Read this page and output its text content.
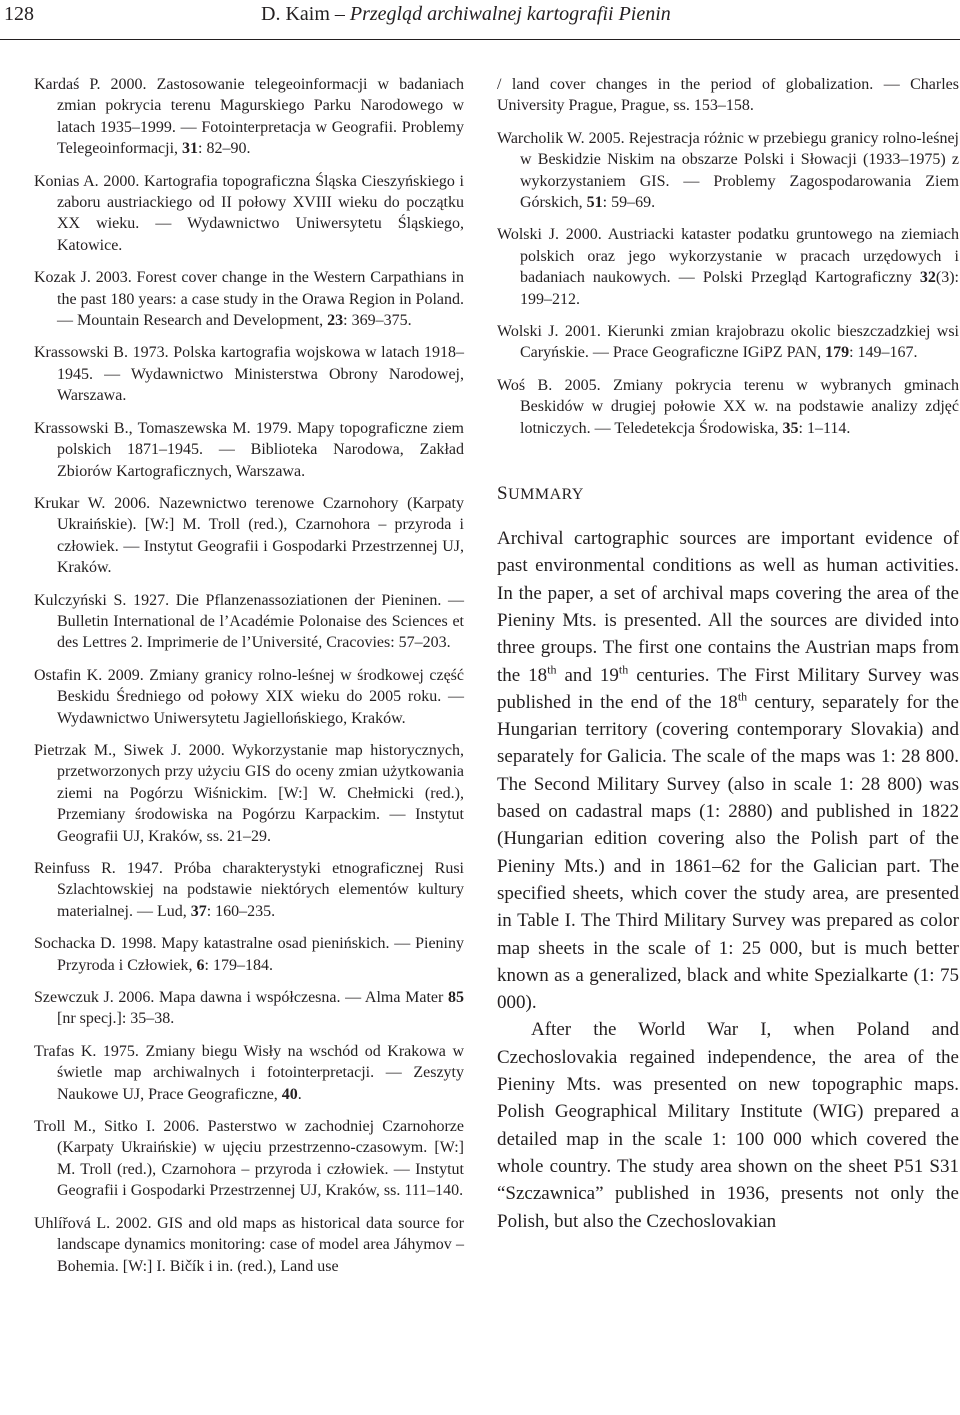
128	D. Kaim – Przegląd archiwalnej kartografii Pienin

Kardaś P. 2000. Zastosowanie telegeoinformacji w badaniach zmian pokrycia terenu Magurskiego Parku Narodowego w latach 1935–1999. — Fotointerpretacja w Geografii. Problemy Telegeoinformacji, 31: 82–90.

Konias A. 2000. Kartografia topograficzna Śląska Cieszyńskiego i zaboru austriackiego od II połowy XVIII wieku do początku XX wieku. — Wydawnictwo Uniwersytetu Śląskiego, Katowice.

Kozak J. 2003. Forest cover change in the Western Carpathians in the past 180 years: a case study in the Orawa Region in Poland. — Mountain Research and Development, 23: 369–375.

Krassowski B. 1973. Polska kartografia wojskowa w latach 1918–1945. — Wydawnictwo Ministerstwa Obrony Narodowej, Warszawa.

Krassowski B., Tomaszewska M. 1979. Mapy topograficzne ziem polskich 1871–1945. — Biblioteka Narodowa, Zakład Zbiorów Kartograficznych, Warszawa.

Krukar W. 2006. Nazewnictwo terenowe Czarnohory (Karpaty Ukraińskie). [W:] M. Troll (red.), Czarnohora – przyroda i człowiek. — Instytut Geografii i Gospodarki Przestrzennej UJ, Kraków.

Kulczyński S. 1927. Die Pflanzenassoziationen der Pieninen. — Bulletin International de l’Académie Polonaise des Sciences et des Lettres 2. Imprimerie de l’Université, Cracovies: 57–203.

Ostafin K. 2009. Zmiany granicy rolno-leśnej w środkowej część Beskidu Średniego od połowy XIX wieku do 2005 roku. — Wydawnictwo Uniwersytetu Jagiellońskiego, Kraków.

Pietrzak M., Siwek J. 2000. Wykorzystanie map historycznych, przetworzonych przy użyciu GIS do oceny zmian użytkowania ziemi na Pogórzu Wiśnickim. [W:] W. Chełmicki (red.), Przemiany środowiska na Pogórzu Karpackim. — Instytut Geografii UJ, Kraków, ss. 21–29.

Reinfuss R. 1947. Próba charakterystyki etnograficznej Rusi Szlachtowskiej na podstawie niektórych elementów kultury materialnej. — Lud, 37: 160–235.

Sochacka D. 1998. Mapy katastralne osad pienińskich. — Pieniny Przyroda i Człowiek, 6: 179–184.

Szewczuk J. 2006. Mapa dawna i współczesna. — Alma Mater 85 [nr specj.]: 35–38.

Trafas K. 1975. Zmiany biegu Wisły na wschód od Krakowa w świetle map archiwalnych i fotointerpretacji. — Zeszyty Naukowe UJ, Prace Geograficzne, 40.

Troll M., Sitko I. 2006. Pasterstwo w zachodniej Czarnohorze (Karpaty Ukraińskie) w ujęciu przestrzenno-czasowym. [W:] M. Troll (red.), Czarnohora – przyroda i człowiek. — Instytut Geografii i Gospodarki Przestrzennej UJ, Kraków, ss. 111–140.

Uhlířová L. 2002. GIS and old maps as historical data source for landscape dynamics monitoring: case of model area Jáhymov – Bohemia. [W:] I. Bičík i in. (red.), Land use

/ land cover changes in the period of globalization. — Charles University Prague, Prague, ss. 153–158.

Warcholik W. 2005. Rejestracja różnic w przebiegu granicy rolno-leśnej w Beskidzie Niskim na obszarze Polski i Słowacji (1933–1975) z wykorzystaniem GIS. — Problemy Zagospodarowania Ziem Górskich, 51: 59–69.

Wolski J. 2000. Austriacki kataster podatku gruntowego na ziemiach polskich oraz jego wykorzystanie w pracach urzędowych i badaniach naukowych. — Polski Przegląd Kartograficzny 32(3): 199–212.

Wolski J. 2001. Kierunki zmian krajobrazu okolic bieszczadzkiej wsi Caryńskie. — Prace Geograficzne IGiPZ PAN, 179: 149–167.

Woś B. 2005. Zmiany pokrycia terenu w wybranych gminach Beskidów w drugiej połowie XX w. na podstawie analizy zdjęć lotniczych. — Teledetekcja Środowiska, 35: 1–114.

SUMMARY

Archival cartographic sources are important evidence of past environmental conditions as well as human activities. In the paper, a set of archival maps covering the area of the Pieniny Mts. is presented. All the sources are divided into three groups. The first one contains the Austrian maps from the 18th and 19th centuries. The First Military Survey was published in the end of the 18th century, separately for the Hungarian territory (covering contemporary Slovakia) and separately for Galicia. The scale of the maps was 1: 28 800. The Second Military Survey (also in scale 1: 28 800) was based on cadastral maps (1: 2880) and published in 1822 (Hungarian edition covering also the Polish part of the Pieniny Mts.) and in 1861–62 for the Galician part. The specified sheets, which cover the study area, are presented in Table I. The Third Military Survey was prepared as color map sheets in the scale of 1: 25 000, but is much better known as a generalized, black and white Spezialkarte (1: 75 000).

After the World War I, when Poland and Czechoslovakia regained independence, the area of the Pieniny Mts. was presented on new topographic maps. Polish Geographical Military Institute (WIG) prepared a detailed map in the scale 1: 100 000 which covered the whole country. The study area shown on the sheet P51 S31 “Szczawnica” published in 1936, presents not only the Polish, but also the Czechoslovakian
